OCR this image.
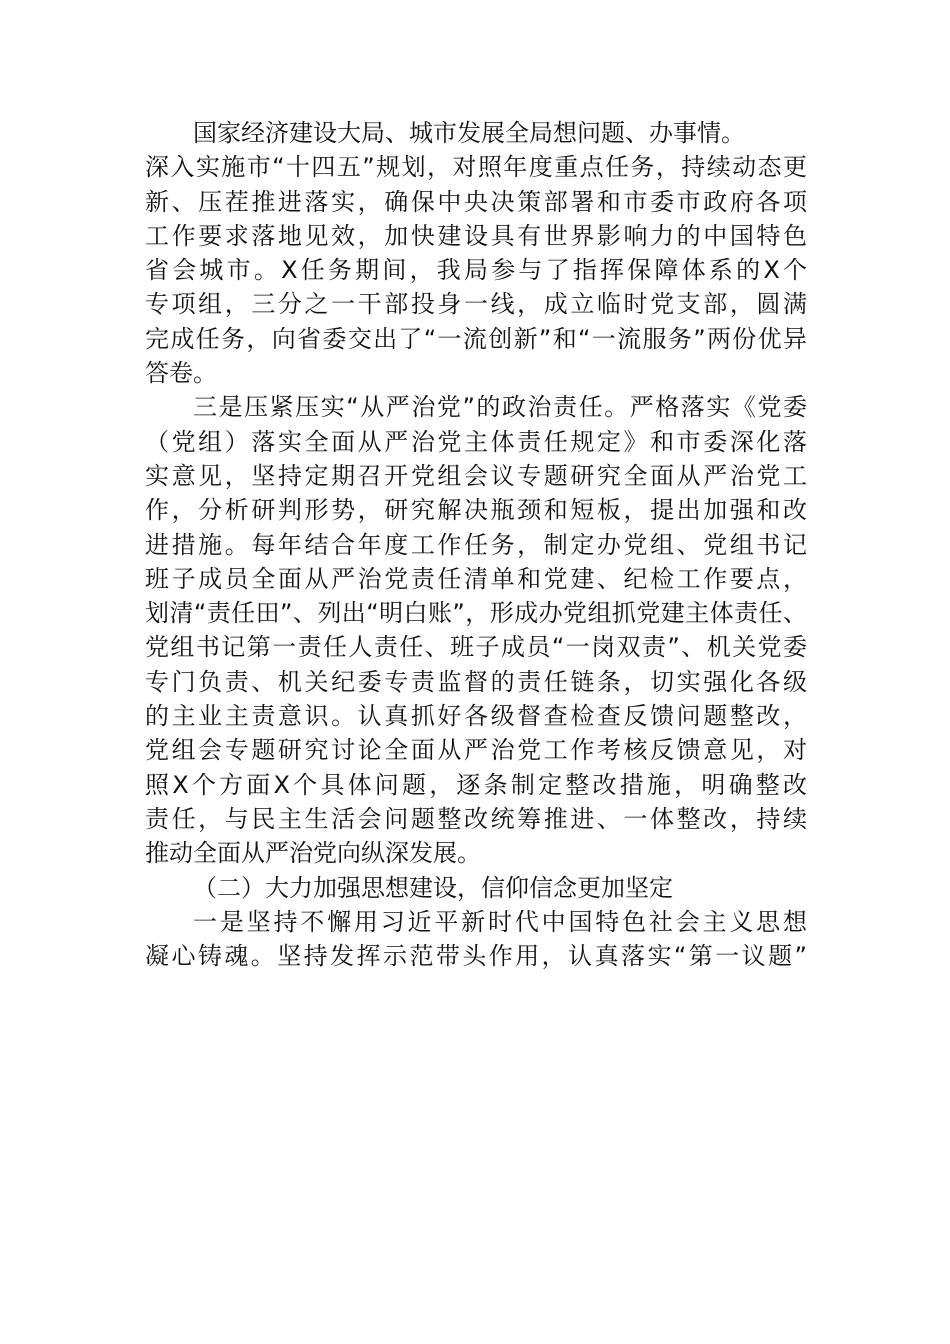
国家经济建设大局、城市发展全局想问题、办事情。
深入实施市“十四五”规划，对照年度重点任务，持续动态更
新、压茬推进落实，确保中央决策部署和市委市政府各项
工作要求落地见效，加快建设具有世界影响力的中国特色
省会城市。X任务期间，我局参与了指挥保障体系的X个
专项组，三分之一干部投身一线，成立临时党支部，圆满
完成任务，向省委交出了“一流创新”和“一流服务”两份优异
答卷。
三是压紧压实“从严治党”的政治责任。严格落实《党委
（党组）落实全面从严治党主体责任规定》和市委深化落
实意见，坚持定期召开党组会议专题研究全面从严治党工
作，分析研判形势，研究解决瓶颈和短板，提出加强和改
进措施。每年结合年度工作任务，制定办党组、党组书记
班子成员全面从严治党责任清单和党建、纪检工作要点，
划清“责任田”、列出“明白账”，形成办党组抓党建主体责任、
党组书记第一责任人责任、班子成员“一岗双责”、机关党委
专门负责、机关纪委专责监督的责任链条，切实强化各级
的主业主责意识。认真抓好各级督查检查反馈问题整改，
党组会专题研究讨论全面从严治党工作考核反馈意见，对
照X个方面X个具体问题，逐条制定整改措施，明确整改
责任，与民主生活会问题整改统筹推进、一体整改，持续
推动全面从严治党向纵深发展。
（二）大力加强思想建设，信仰信念更加坚定
一是坚持不懈用习近平新时代中国特色社会主义思想
凝心铸魂。坚持发挥示范带头作用，认真落实“第一议题”
